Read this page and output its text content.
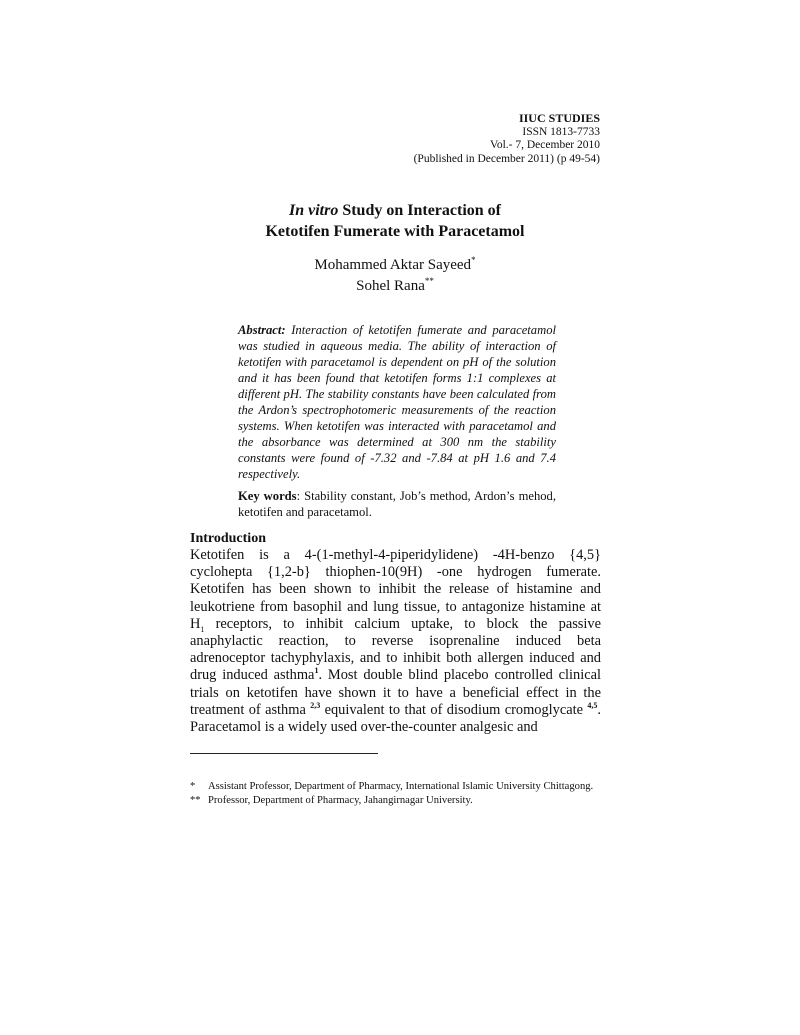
IIUC STUDIES
ISSN 1813-7733
Vol.- 7, December 2010
(Published in December 2011) (p 49-54)
In vitro Study on Interaction of
Ketotifen Fumerate with Paracetamol
Mohammed Aktar Sayeed*
Sohel Rana**
Abstract: Interaction of ketotifen fumerate and paracetamol was studied in aqueous media. The ability of interaction of ketotifen with paracetamol is dependent on pH of the solution and it has been found that ketotifen forms 1:1 complexes at different pH. The stability constants have been calculated from the Ardon’s spectrophotomeric measurements of the reaction systems. When ketotifen was interacted with paracetamol and the absorbance was determined at 300 nm the stability constants were found of -7.32 and -7.84 at pH 1.6 and 7.4 respectively.
Key words: Stability constant, Job’s method, Ardon’s mehod, ketotifen and paracetamol.
Introduction
Ketotifen is a 4-(1-methyl-4-piperidylidene) -4H-benzo {4,5} cyclohepta {1,2-b} thiophen-10(9H) -one hydrogen fumerate. Ketotifen has been shown to inhibit the release of histamine and leukotriene from basophil and lung tissue, to antagonize histamine at $H_1$ receptors, to inhibit calcium uptake, to block the passive anaphylactic reaction, to reverse isoprenaline induced beta adrenoceptor tachyphylaxis, and to inhibit both allergen induced and drug induced asthma$^1$. Most double blind placebo controlled clinical trials on ketotifen have shown it to have a beneficial effect in the treatment of asthma $^{2,3}$ equivalent to that of disodium cromoglycate $^{4,5}$. Paracetamol is a widely used over-the-counter analgesic and
*	Assistant Professor, Department of Pharmacy, International Islamic University Chittagong.
** Professor, Department of Pharmacy, Jahangirnagar University.
